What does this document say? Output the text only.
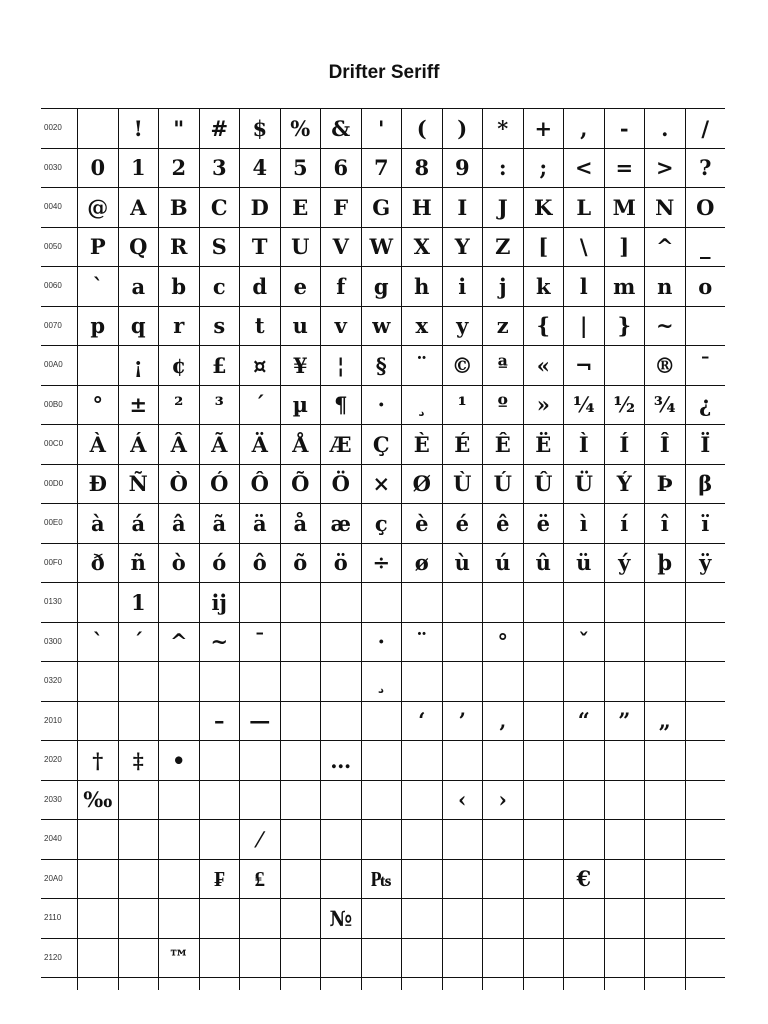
Drifter Seriff
0020		!	"	#	$	%	&	'	(	)	*	+	,	-	.	/
0030	0	1	2	3	4	5	6	7	8	9	:	;	<	=	>	?
0040	@	A	B	C	D	E	F	G	H	I	J	K	L	M	N	O
0050	P	Q	R	S	T	U	V	W	X	Y	Z	[	\	]	^	_
0060	`	a	b	c	d	e	f	g	h	i	j	k	l	m	n	o
0070	p	q	r	s	t	u	v	w	x	y	z	{	|	}	~	
00A0		¡	¢	£	¤	¥	¦	§	¨	©	ª	«	¬		®	¯
00B0	°	±	²	³	´	µ	¶	·	¸	¹	º	»	¼	½	¾	¿
00C0	À	Á	Â	Ã	Ä	Å	Æ	Ç	È	É	Ê	Ë	Ì	Í	Î	Ï
00D0	Đ	Ñ	Ò	Ó	Ô	Õ	Ö	×	Ø	Ù	Ú	Û	Ü	Ý	Þ	β
00E0	à	á	â	ã	ä	å	æ	ç	è	é	ê	ë	ì	í	î	ï
00F0	ð	ñ	ò	ó	ô	õ	ö	÷	ø	ù	ú	û	ü	ý	þ	ÿ
0130		1		ij												
0300	`	´	^	~	¯			·	¨		°		ˇ			
0320								¸								
2010				–	—				‘	’	‚		“	”	„	
2020	†	‡	•				…									
2030	‰									‹	›					
2040					⁄											
20A0				₣	₤			₧					€			
2110							№									
2120			™													
